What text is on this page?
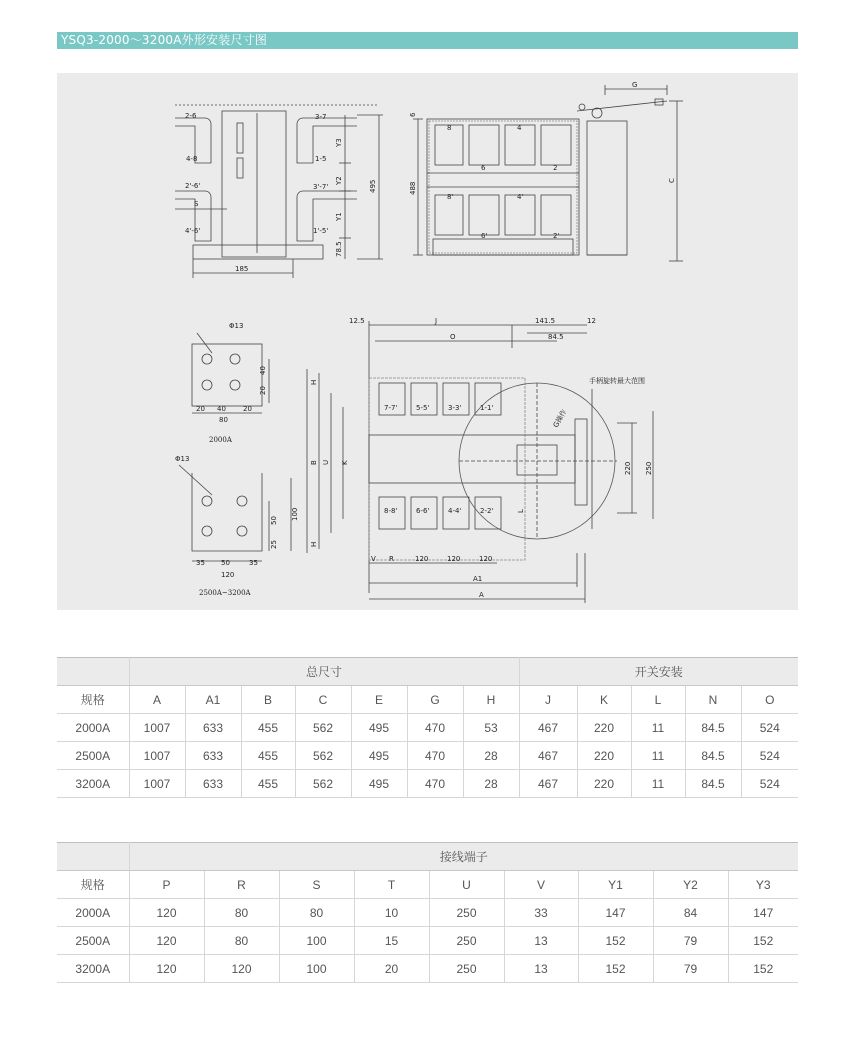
YSQ3-2000～3200A外形安装尺寸图
2-6	3-7
4-8	1-5
2'-6'	3'-7'
S
4'-6'	1'-5'
Y3
Y2
Y1
495
78.5
185
8	4
6	2
8'	4'
6'	2'
488
6
G
C
Φ13
40
20
20 40 20
80
2000A
Φ13
50
25
100
35 50	35
120
2500A~3200A
12.5	J	141.5	12
O	84.5
7-7'	5-5'	3-3'	1-1'
8-8'	6-6'	4-4'	2-2'
H
B U K
H
L
220 250
V R	120	120	120
A1
A
手柄旋转最大范围
G操作
	总尺寸							开关安装				
规格	A	A1	B	C	E	G	H	J	K	L	N	O
2000A	1007	633	455	562	495	470	53	467	220	11	84.5	524
2500A	1007	633	455	562	495	470	28	467	220	11	84.5	524
3200A	1007	633	455	562	495	470	28	467	220	11	84.5	524
	接线端子								
规格	P	R	S	T	U	V	Y1	Y2	Y3
2000A	120	80	80	10	250	33	147	84	147
2500A	120	80	100	15	250	13	152	79	152
3200A	120	120	100	20	250	13	152	79	152
